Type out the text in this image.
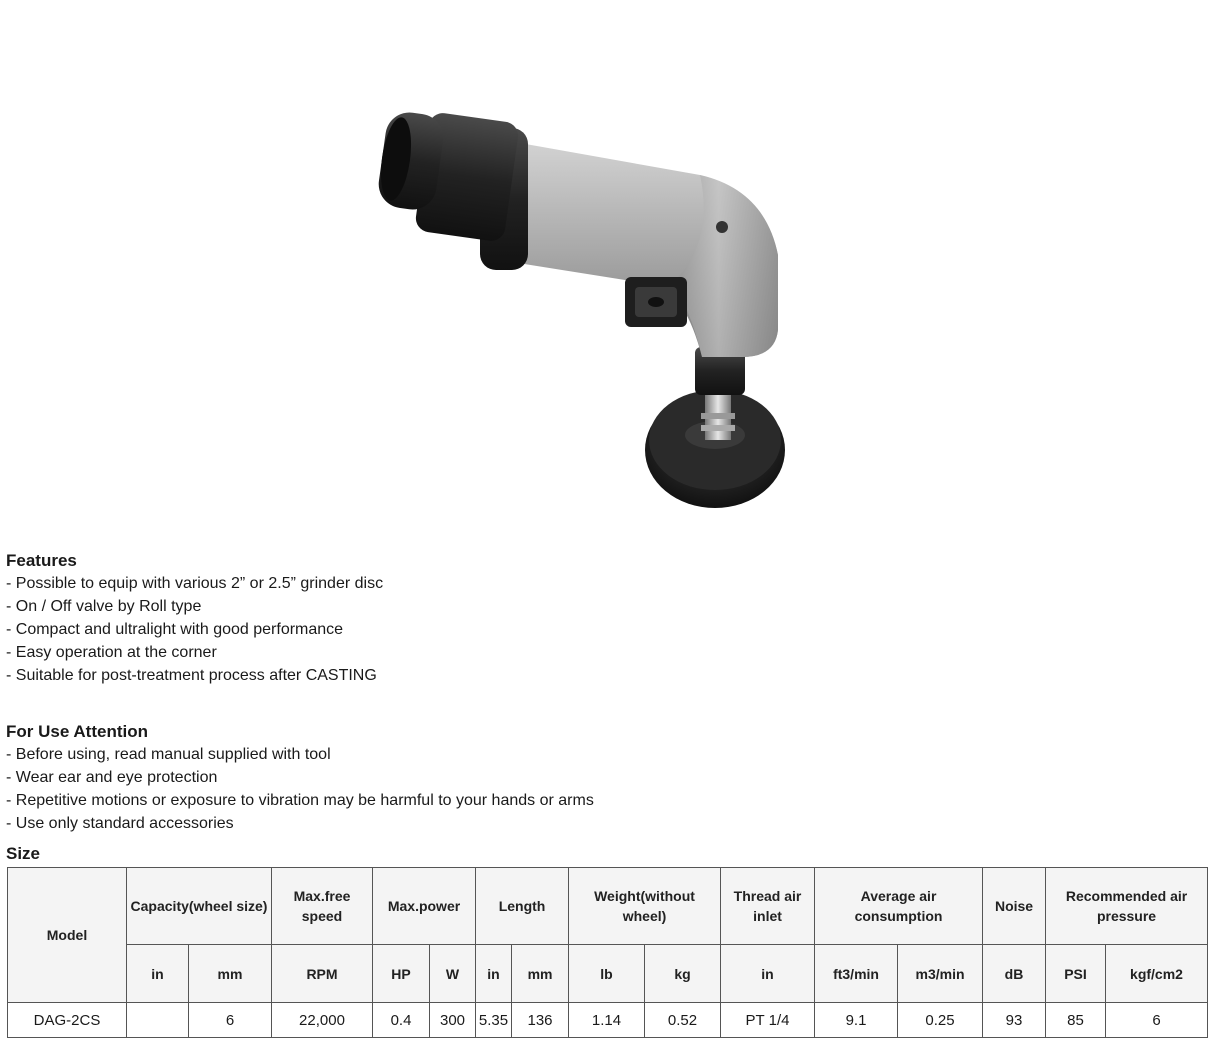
Features
- Possible to equip with various 2” or 2.5” grinder disc
- On / Off valve by Roll type
- Compact and ultralight with good performance
- Easy operation at the corner
- Suitable for post-treatment process after CASTING
For Use Attention
- Before using, read manual supplied with tool
- Wear ear and eye protection
- Repetitive motions or exposure to vibration may be harmful to your hands or arms
- Use only standard accessories
Size
Model	Capacity(wheel size)		Max.free speed	Max.power		Length		Weight(without wheel)		Thread air inlet	Average air consumption		Noise	Recommended air pressure	
	in	mm	RPM	HP	W	in	mm	lb	kg	in	ft3/min	m3/min	dB	PSI	kgf/cm2
DAG-2CS		6	22,000	0.4	300	5.35	136	1.14	0.52	PT 1/4	9.1	0.25	93	85	6
